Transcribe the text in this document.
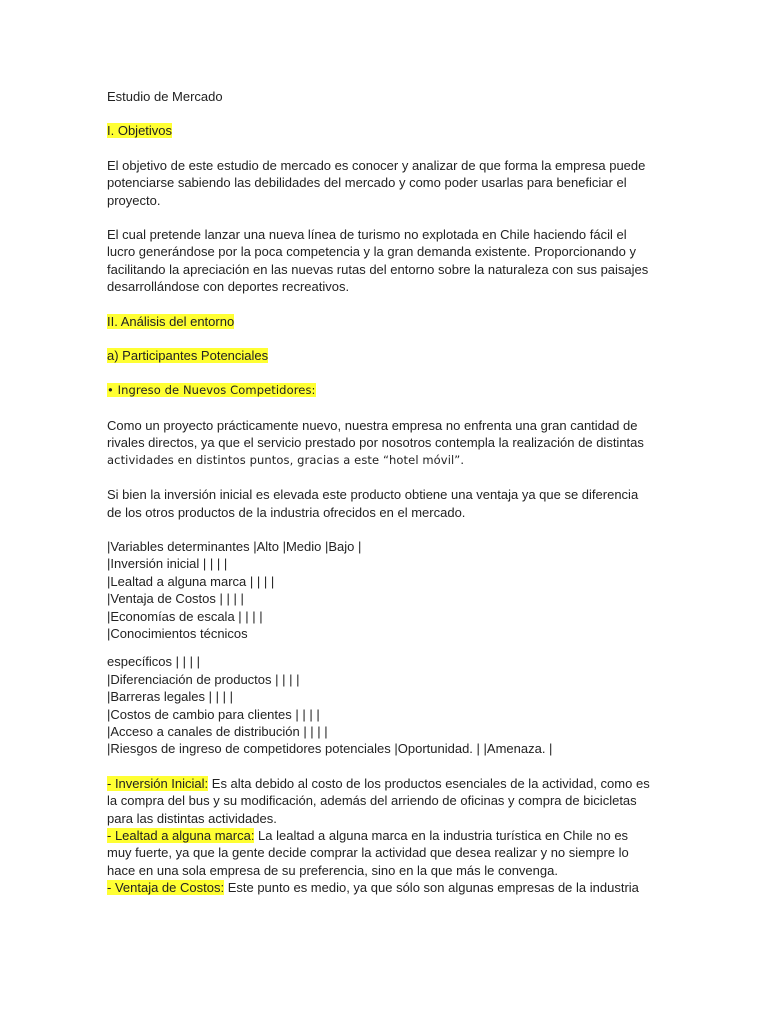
Estudio de Mercado
I. Objetivos
El objetivo de este estudio de mercado es conocer y analizar de que forma la empresa puede
potenciarse sabiendo las debilidades del mercado y como poder usarlas para beneficiar el
proyecto.
El cual pretende lanzar una nueva línea de turismo no explotada en Chile haciendo fácil el
lucro generándose por la poca competencia y la gran demanda existente. Proporcionando y
facilitando la apreciación en las nuevas rutas del entorno sobre la naturaleza con sus paisajes
desarrollándose con deportes recreativos.
II. Análisis del entorno
a) Participantes Potenciales
• Ingreso de Nuevos Competidores:
Como un proyecto prácticamente nuevo, nuestra empresa no enfrenta una gran cantidad de
rivales directos, ya que el servicio prestado por nosotros contempla la realización de distintas
actividades en distintos puntos, gracias a este “hotel móvil”.
Si bien la inversión inicial es elevada este producto obtiene una ventaja ya que se diferencia
de los otros productos de la industria ofrecidos en el mercado.
|Variables determinantes |Alto |Medio |Bajo |
|Inversión inicial | | | |
|Lealtad a alguna marca | | | |
|Ventaja de Costos | | | |
|Economías de escala | | | |
|Conocimientos técnicos
específicos | | | |
|Diferenciación de productos | | | |
|Barreras legales | | | |
|Costos de cambio para clientes | | | |
|Acceso a canales de distribución | | | |
|Riesgos de ingreso de competidores potenciales |Oportunidad. | |Amenaza. |
- Inversión Inicial: Es alta debido al costo de los productos esenciales de la actividad, como es
la compra del bus y su modificación, además del arriendo de oficinas y compra de bicicletas
para las distintas actividades.
- Lealtad a alguna marca: La lealtad a alguna marca en la industria turística en Chile no es
muy fuerte, ya que la gente decide comprar la actividad que desea realizar y no siempre lo
hace en una sola empresa de su preferencia, sino en la que más le convenga.
- Ventaja de Costos: Este punto es medio, ya que sólo son algunas empresas de la industria
